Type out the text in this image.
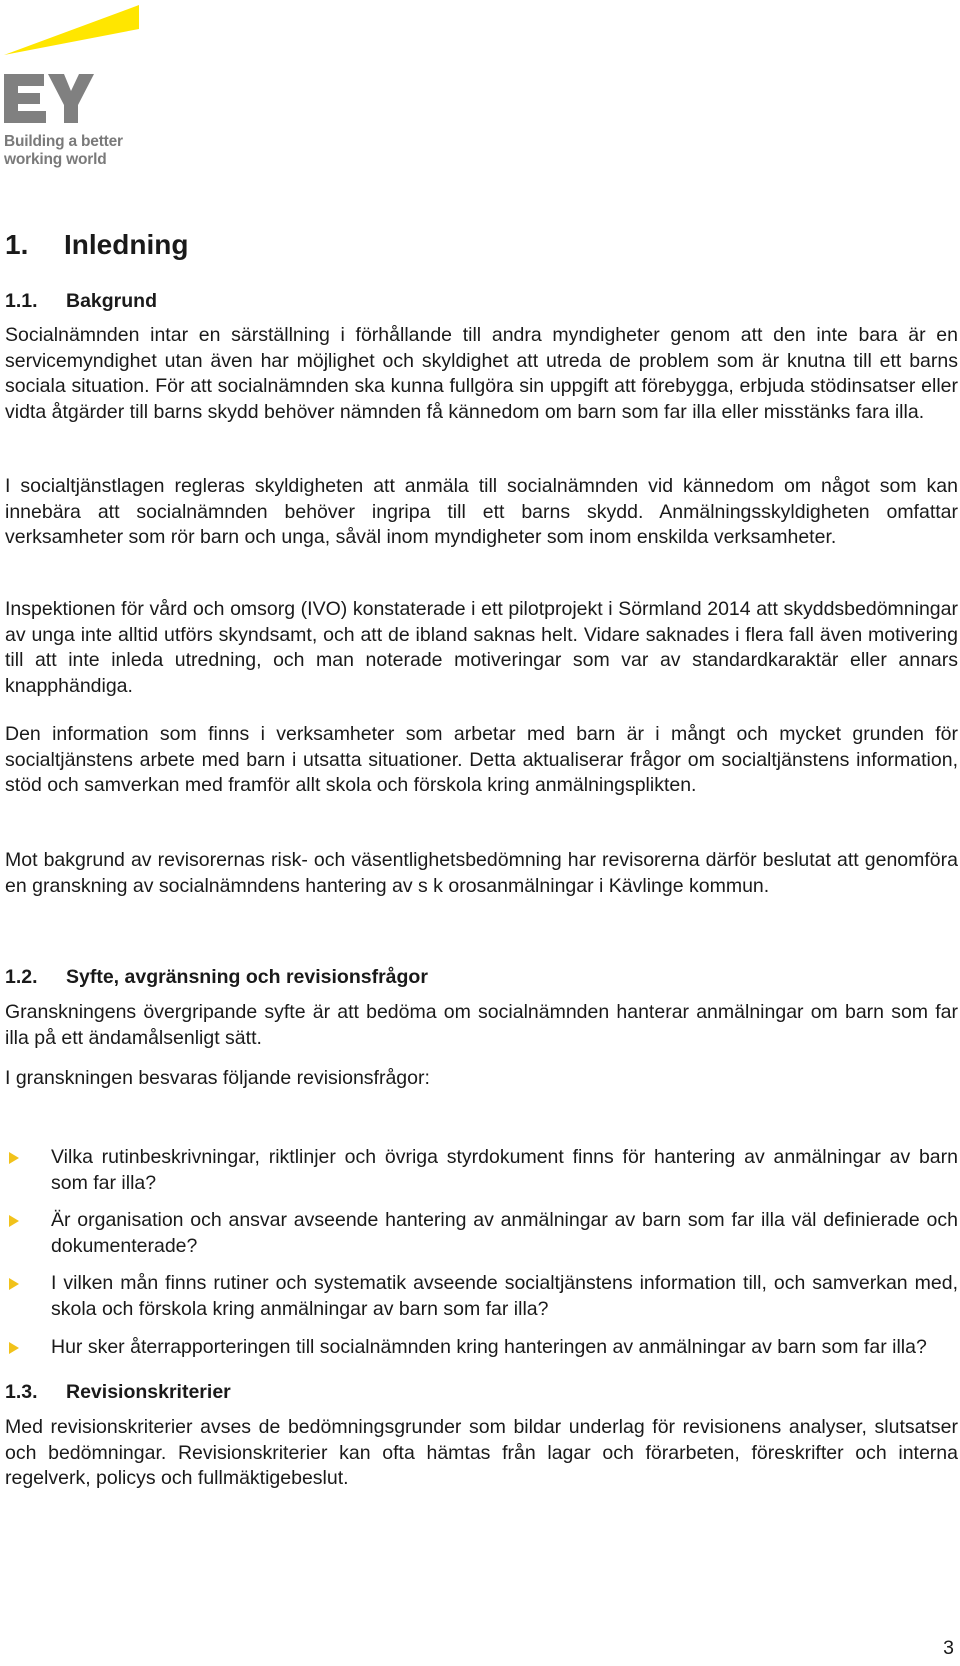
Building a better
working world
1. Inledning
1.1. Bakgrund

Socialnämnden intar en särställning i förhållande till andra myndigheter genom att den inte bara är en servicemyndighet utan även har möjlighet och skyldighet att utreda de problem som är knutna till ett barns sociala situation. För att socialnämnden ska kunna fullgöra sin uppgift att förebygga, erbjuda stödinsatser eller vidta åtgärder till barns skydd behöver nämnden få kännedom om barn som far illa eller misstänks fara illa.

I socialtjänstlagen regleras skyldigheten att anmäla till socialnämnden vid kännedom om något som kan innebära att socialnämnden behöver ingripa till ett barns skydd. Anmälningsskyldigheten omfattar verksamheter som rör barn och unga, såväl inom myndigheter som inom enskilda verksamheter.

Inspektionen för vård och omsorg (IVO) konstaterade i ett pilotprojekt i Sörmland 2014 att skyddsbedömningar av unga inte alltid utförs skyndsamt, och att de ibland saknas helt. Vidare saknades i flera fall även motivering till att inte inleda utredning, och man noterade motiveringar som var av standardkaraktär eller annars knapphändiga.

Den information som finns i verksamheter som arbetar med barn är i mångt och mycket grunden för socialtjänstens arbete med barn i utsatta situationer. Detta aktualiserar frågor om socialtjänstens information, stöd och samverkan med framför allt skola och förskola kring anmälningsplikten.

Mot bakgrund av revisorernas risk- och väsentlighetsbedömning har revisorerna därför beslutat att genomföra en granskning av socialnämndens hantering av s k orosanmälningar i Kävlinge kommun.

1.2. Syfte, avgränsning och revisionsfrågor

Granskningens övergripande syfte är att bedöma om socialnämnden hanterar anmälningar om barn som far illa på ett ändamålsenligt sätt.

I granskningen besvaras följande revisionsfrågor:

Vilka rutinbeskrivningar, riktlinjer och övriga styrdokument finns för hantering av anmälningar av barn som far illa?
Är organisation och ansvar avseende hantering av anmälningar av barn som far illa väl definierade och dokumenterade?
I vilken mån finns rutiner och systematik avseende socialtjänstens information till, och samverkan med, skola och förskola kring anmälningar av barn som far illa?
Hur sker återrapporteringen till socialnämnden kring hanteringen av anmälningar av barn som far illa?
1.3. Revisionskriterier

Med revisionskriterier avses de bedömningsgrunder som bildar underlag för revisionens analyser, slutsatser och bedömningar. Revisionskriterier kan ofta hämtas från lagar och förarbeten, föreskrifter och interna regelverk, policys och fullmäktigebeslut.

3
